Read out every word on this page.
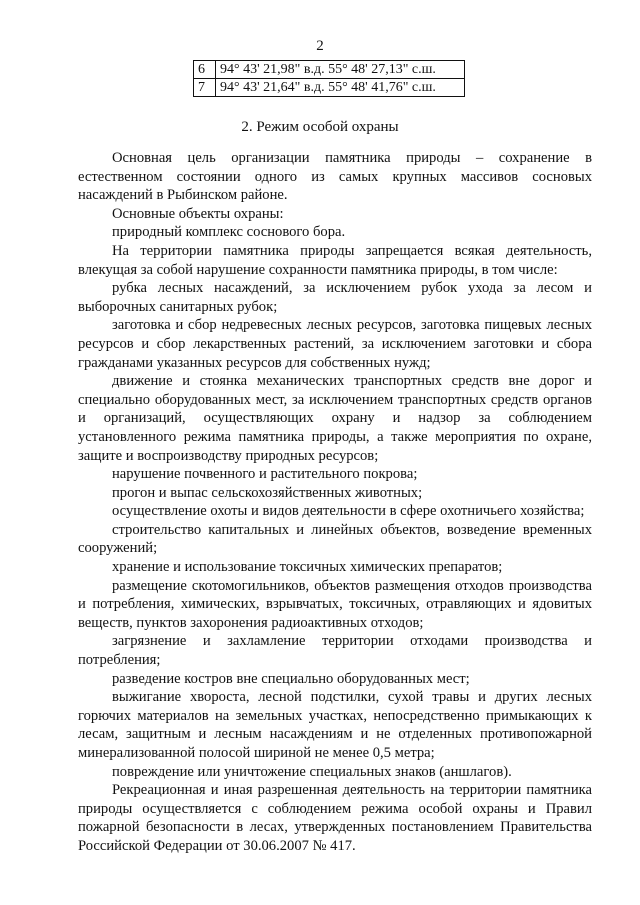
2
6	94° 43' 21,98" в.д. 55° 48' 27,13" с.ш.
7	94° 43' 21,64" в.д. 55° 48' 41,76" с.ш.
2. Режим особой охраны

Основная цель организации памятника природы – сохранение в естественном состоянии одного из самых крупных массивов сосновых насаждений в Рыбинском районе.

Основные объекты охраны:

природный комплекс соснового бора.

На территории памятника природы запрещается всякая деятельность, влекущая за собой нарушение сохранности памятника природы, в том числе:

рубка лесных насаждений, за исключением рубок ухода за лесом и выборочных санитарных рубок;

заготовка и сбор недревесных лесных ресурсов, заготовка пищевых лесных ресурсов и сбор лекарственных растений, за исключением заготовки и сбора гражданами указанных ресурсов для собственных нужд;

движение и стоянка механических транспортных средств вне дорог и специально оборудованных мест, за исключением транспортных средств органов и организаций, осуществляющих охрану и надзор за соблюдением установленного режима памятника природы, а также мероприятия по охране, защите и воспроизводству природных ресурсов;

нарушение почвенного и растительного покрова;

прогон и выпас сельскохозяйственных животных;

осуществление охоты и видов деятельности в сфере охотничьего хозяйства;

строительство капитальных и линейных объектов, возведение временных сооружений;

хранение и использование токсичных химических препаратов;

размещение скотомогильников, объектов размещения отходов производства и потребления, химических, взрывчатых, токсичных, отравляющих и ядовитых веществ, пунктов захоронения радиоактивных отходов;

загрязнение и захламление территории отходами производства и потребления;

разведение костров вне специально оборудованных мест;

выжигание хвороста, лесной подстилки, сухой травы и других лесных горючих материалов на земельных участках, непосредственно примыкающих к лесам, защитным и лесным насаждениям и не отделенных противопожарной минерализованной полосой шириной не менее 0,5 метра;

повреждение или уничтожение специальных знаков (аншлагов).

Рекреационная и иная разрешенная деятельность на территории памятника природы осуществляется с соблюдением режима особой охраны и Правил пожарной безопасности в лесах, утвержденных постановлением Правительства Российской Федерации от 30.06.2007 № 417.
